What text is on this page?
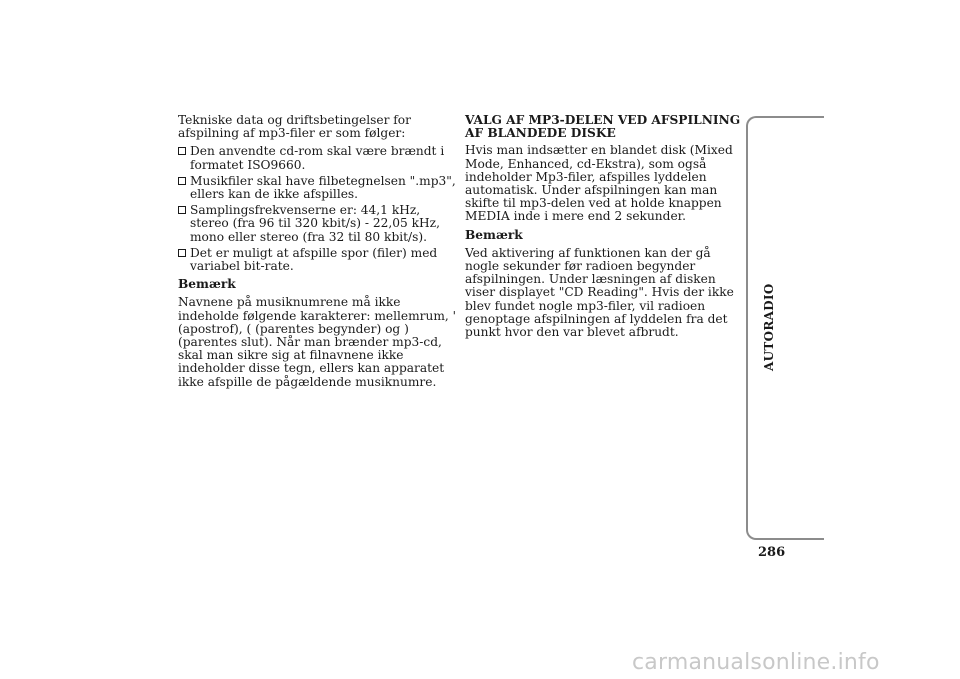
Tekniske data og driftsbetingelser for afspilning af mp3-filer er som følger:

Den anvendte cd-rom skal være brændt i formatet ISO9660.
Musikfiler skal have filbetegnelsen ".mp3", ellers kan de ikke afspilles.
Samplingsfrekvenserne er: 44,1 kHz, stereo (fra 96 til 320 kbit/s) - 22,05 kHz, mono eller stereo (fra 32 til 80 kbit/s).
Det er muligt at afspille spor (filer) med variabel bit-rate.

Bemærk

Navnene på musiknumrene må ikke indeholde følgende karakterer: mellemrum, ' (apostrof), ( (parentes begynder) og ) (parentes slut). Når man brænder mp3-cd, skal man sikre sig at filnavnene ikke indeholder disse tegn, ellers kan apparatet ikke afspille de pågældende musiknumre.

VALG AF MP3-DELEN VED AFSPILNING AF BLANDEDE DISKE

Hvis man indsætter en blandet disk (Mixed Mode, Enhanced, cd-Ekstra), som også indeholder Mp3-filer, afspilles lyddelen automatisk. Under afspilningen kan man skifte til mp3-delen ved at holde knappen MEDIA inde i mere end 2 sekunder.

Bemærk

Ved aktivering af funktionen kan der gå nogle sekunder før radioen begynder afspilningen. Under læsningen af disken viser displayet "CD Reading". Hvis der ikke blev fundet nogle mp3-filer, vil radioen genoptage afspilningen af lyddelen fra det punkt hvor den var blevet afbrudt.	AUTORADIO
286
carmanualsonline.info
